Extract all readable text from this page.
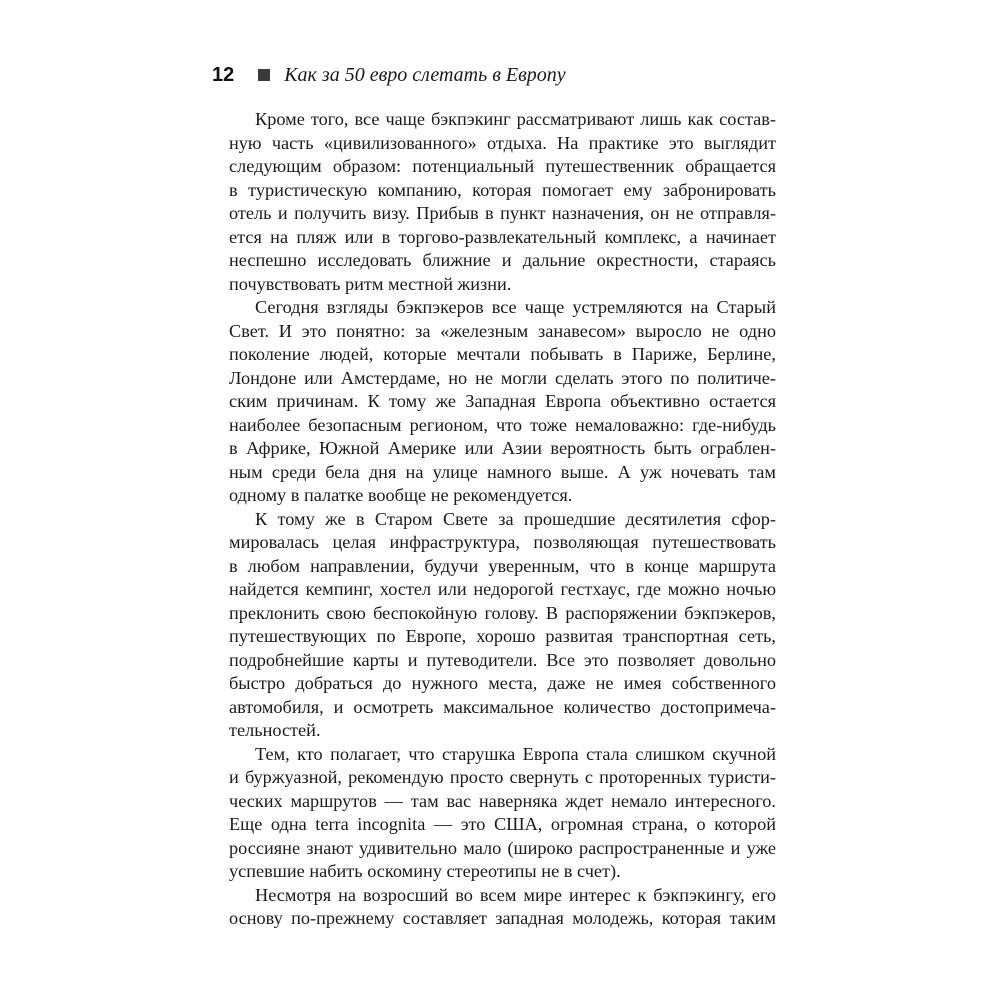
12	Как за 50 евро слетать в Европу
Кроме того, все чаще бэкпэкинг рассматривают лишь как состав-
ную часть «цивилизованного» отдыха. На практике это выглядит
следующим образом: потенциальный путешественник обращается
в туристическую компанию, которая помогает ему забронировать
отель и получить визу. Прибыв в пункт назначения, он не отправля-
ется на пляж или в торгово-развлекательный комплекс, а начинает
неспешно исследовать ближние и дальние окрестности, стараясь
почувствовать ритм местной жизни.
Сегодня взгляды бэкпэкеров все чаще устремляются на Старый
Свет. И это понятно: за «железным занавесом» выросло не одно
поколение людей, которые мечтали побывать в Париже, Берлине,
Лондоне или Амстердаме, но не могли сделать этого по политиче-
ским причинам. К тому же Западная Европа объективно остается
наиболее безопасным регионом, что тоже немаловажно: где-нибудь
в Африке, Южной Америке или Азии вероятность быть ограблен-
ным среди бела дня на улице намного выше. А уж ночевать там
одному в палатке вообще не рекомендуется.
К тому же в Старом Свете за прошедшие десятилетия сфор-
мировалась целая инфраструктура, позволяющая путешествовать
в любом направлении, будучи уверенным, что в конце маршрута
найдется кемпинг, хостел или недорогой гестхаус, где можно ночью
преклонить свою беспокойную голову. В распоряжении бэкпэкеров,
путешествующих по Европе, хорошо развитая транспортная сеть,
подробнейшие карты и путеводители. Все это позволяет довольно
быстро добраться до нужного места, даже не имея собственного
автомобиля, и осмотреть максимальное количество достопримеча-
тельностей.
Тем, кто полагает, что старушка Европа стала слишком скучной
и буржуазной, рекомендую просто свернуть с проторенных туристи-
ческих маршрутов — там вас наверняка ждет немало интересного.
Еще одна terra incognita — это США, огромная страна, о которой
россияне знают удивительно мало (широко распространенные и уже
успевшие набить оскомину стереотипы не в счет).
Несмотря на возросший во всем мире интерес к бэкпэкингу, его
основу по-прежнему составляет западная молодежь, которая таким
